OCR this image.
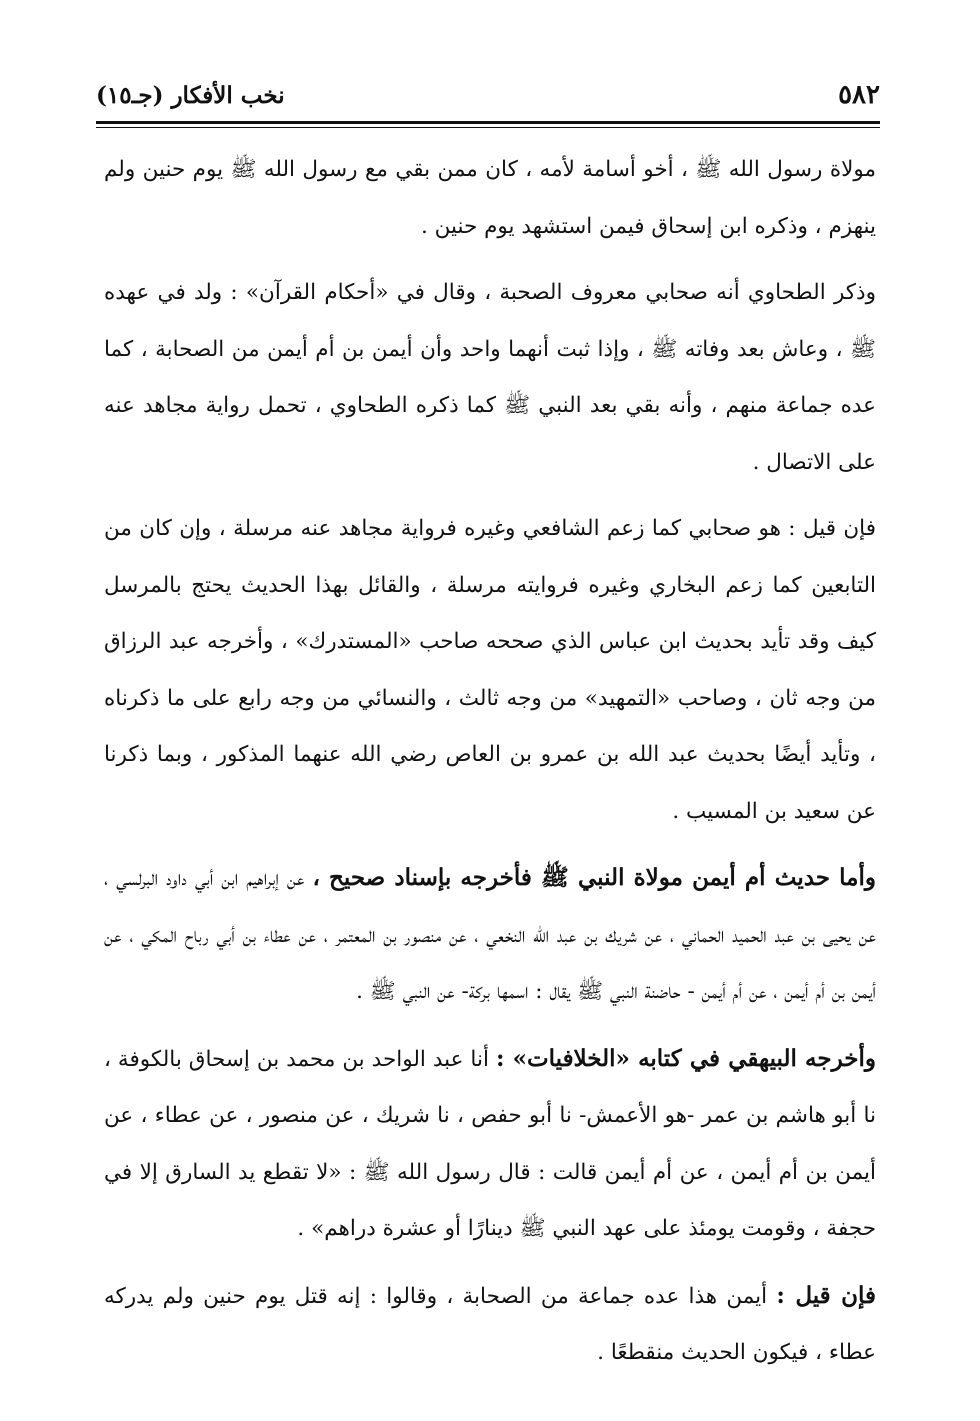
٥٨٢
نخب الأفكار (جـ١٥)

مولاة رسول الله ﷺ ، أخو أسامة لأمه ، كان ممن بقي مع رسول الله ﷺ يوم حنين ولم ينهزم ، وذكره ابن إسحاق فيمن استشهد يوم حنين .

وذكر الطحاوي أنه صحابي معروف الصحبة ، وقال في «أحكام القرآن» : ولد في عهده ﷺ ، وعاش بعد وفاته ﷺ ، وإذا ثبت أنهما واحد وأن أيمن بن أم أيمن من الصحابة ، كما عده جماعة منهم ، وأنه بقي بعد النبي ﷺ كما ذكره الطحاوي ، تحمل رواية مجاهد عنه على الاتصال .

فإن قيل : هو صحابي كما زعم الشافعي وغيره فرواية مجاهد عنه مرسلة ، وإن كان من التابعين كما زعم البخاري وغيره فروايته مرسلة ، والقائل بهذا الحديث يحتج بالمرسل كيف وقد تأيد بحديث ابن عباس الذي صححه صاحب «المستدرك» ، وأخرجه عبد الرزاق من وجه ثان ، وصاحب «التمهيد» من وجه ثالث ، والنسائي من وجه رابع على ما ذكرناه ، وتأيد أيضًا بحديث عبد الله بن عمرو بن العاص رضي الله عنهما المذكور ، وبما ذكرنا عن سعيد بن المسيب .

وأما حديث أم أيمن مولاة النبي ﷺ فأخرجه بإسناد صحيح ، عن إبراهيم ابن أبي داود البرلسي ، عن يحيى بن عبد الحميد الحماني ، عن شريك بن عبد الله النخعي ، عن منصور بن المعتمر ، عن عطاء بن أبي رباح المكي ، عن أيمن بن أم أيمن ، عن أم أيمن - حاضنة النبي ﷺ يقال : اسمها بركة- عن النبي ﷺ .

وأخرجه البيهقي في كتابه «الخلافيات» : أنا عبد الواحد بن محمد بن إسحاق بالكوفة ، نا أبو هاشم بن عمر -هو الأعمش- نا أبو حفص ، نا شريك ، عن منصور ، عن عطاء ، عن أيمن بن أم أيمن ، عن أم أيمن قالت : قال رسول الله ﷺ : «لا تقطع يد السارق إلا في حجفة ، وقومت يومئذ على عهد النبي ﷺ دينارًا أو عشرة دراهم» .

فإن قيل : أيمن هذا عده جماعة من الصحابة ، وقالوا : إنه قتل يوم حنين ولم يدركه عطاء ، فيكون الحديث منقطعًا .
